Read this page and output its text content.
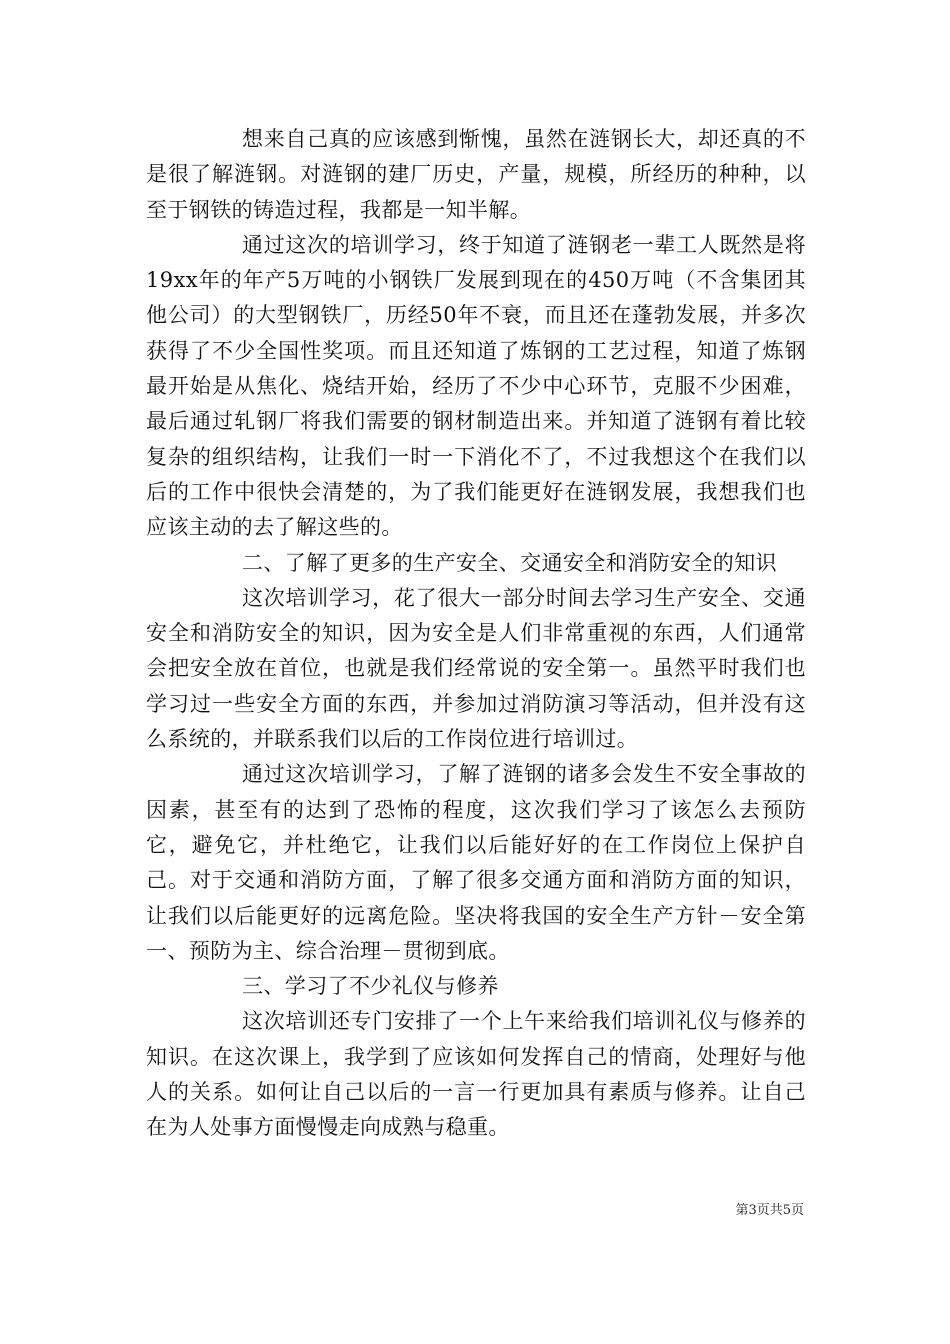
想来自己真的应该感到惭愧，虽然在涟钢长大，却还真的不是很了解涟钢。对涟钢的建厂历史，产量，规模，所经历的种种，以至于钢铁的铸造过程，我都是一知半解。

通过这次的培训学习，终于知道了涟钢老一辈工人既然是将19xx年的年产5万吨的小钢铁厂发展到现在的450万吨（不含集团其他公司）的大型钢铁厂，历经50年不衰，而且还在蓬勃发展，并多次获得了不少全国性奖项。而且还知道了炼钢的工艺过程，知道了炼钢最开始是从焦化、烧结开始，经历了不少中心环节，克服不少困难，最后通过轧钢厂将我们需要的钢材制造出来。并知道了涟钢有着比较复杂的组织结构，让我们一时一下消化不了，不过我想这个在我们以后的工作中很快会清楚的，为了我们能更好在涟钢发展，我想我们也应该主动的去了解这些的。

二、了解了更多的生产安全、交通安全和消防安全的知识

这次培训学习，花了很大一部分时间去学习生产安全、交通安全和消防安全的知识，因为安全是人们非常重视的东西，人们通常会把安全放在首位，也就是我们经常说的安全第一。虽然平时我们也学习过一些安全方面的东西，并参加过消防演习等活动，但并没有这么系统的，并联系我们以后的工作岗位进行培训过。

通过这次培训学习，了解了涟钢的诸多会发生不安全事故的因素，甚至有的达到了恐怖的程度，这次我们学习了该怎么去预防它，避免它，并杜绝它，让我们以后能好好的在工作岗位上保护自己。对于交通和消防方面，了解了很多交通方面和消防方面的知识，让我们以后能更好的远离危险。坚决将我国的安全生产方针－安全第一、预防为主、综合治理－贯彻到底。

三、学习了不少礼仪与修养

这次培训还专门安排了一个上午来给我们培训礼仪与修养的知识。在这次课上，我学到了应该如何发挥自己的情商，处理好与他人的关系。如何让自己以后的一言一行更加具有素质与修养。让自己在为人处事方面慢慢走向成熟与稳重。

第3页共5页
